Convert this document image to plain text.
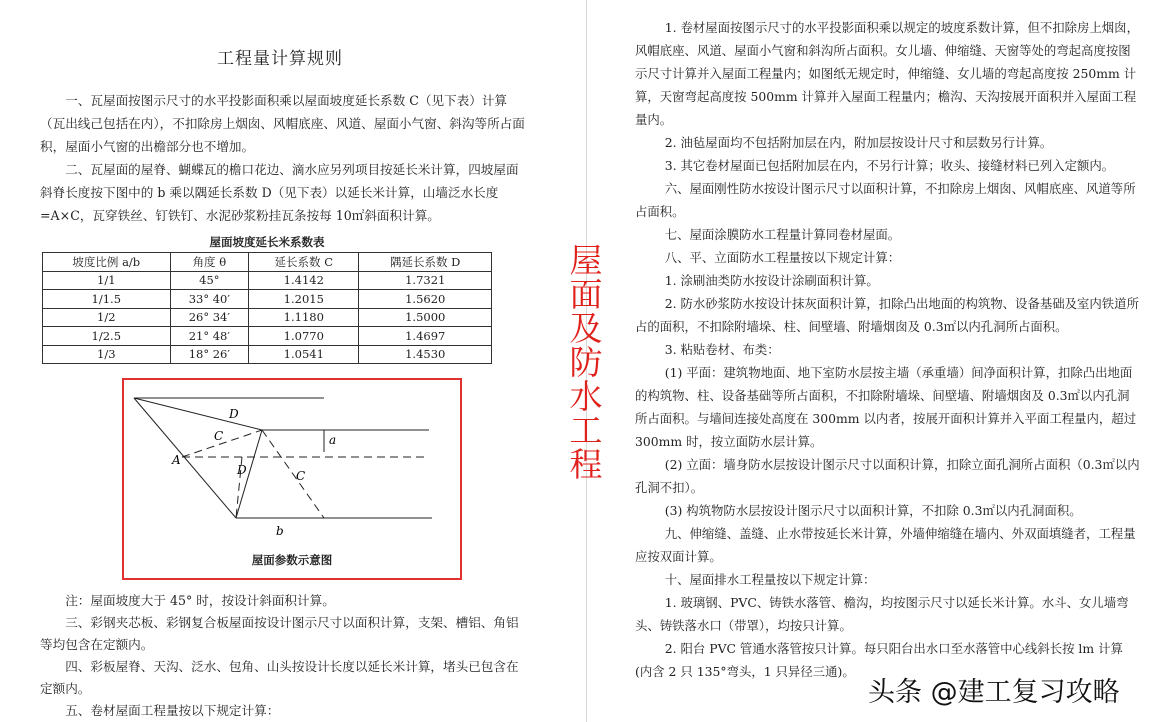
工程量计算规则
一、瓦屋面按图示尺寸的水平投影面积乘以屋面坡度延长系数 C（见下表）计算（瓦出线己包括在内），不扣除房上烟囱、风帽底座、风道、屋面小气窗、斜沟等所占面积，屋面小气窗的出檐部分也不增加。
二、瓦屋面的屋脊、蝴蝶瓦的檐口花边、滴水应另列项目按延长米计算，四坡屋面斜脊长度按下图中的 b 乘以隅延长系数 D（见下表）以延长米计算，山墙泛水长度=A×C，瓦穿铁丝、钉铁钉、水泥砂浆粉挂瓦条按每 10㎡斜面积计算。
屋面坡度延长米系数表
坡度比例 a/b	角度 θ	延长系数 C	隅延长系数 D
1/1	45°	1.4142	1.7321
1/1.5	33° 40′	1.2015	1.5620
1/2	26° 34′	1.1180	1.5000
1/2.5	21° 48′	1.0770	1.4697
1/3	18° 26′	1.0541	1.4530
D
C
A
D	C
a
b
屋面参数示意图
注：屋面坡度大于 45° 时，按设计斜面积计算。
三、彩钢夹芯板、彩钢复合板屋面按设计图示尺寸以面积计算，支架、槽铝、角铝等均包含在定额内。
四、彩板屋脊、天沟、泛水、包角、山头按设计长度以延长米计算，堵头已包含在定额内。
五、卷材屋面工程量按以下规定计算：
屋面及防水工程

1. 卷材屋面按图示尺寸的水平投影面积乘以规定的坡度系数计算，但不扣除房上烟囱，风帽底座、风道、屋面小气窗和斜沟所占面积。女儿墙、伸缩缝、天窗等处的弯起高度按图示尺寸计算并入屋面工程量内；如图纸无规定时，伸缩缝、女儿墙的弯起高度按 250mm 计算，天窗弯起高度按 500mm 计算并入屋面工程量内；檐沟、天沟按展开面积并入屋面工程量内。

2. 油毡屋面均不包括附加层在内，附加层按设计尺寸和层数另行计算。

3. 其它卷材屋面已包括附加层在内，不另行计算；收头、接缝材料已列入定额内。

六、屋面刚性防水按设计图示尺寸以面积计算，不扣除房上烟囱、风帽底座、风道等所占面积。

七、屋面涂膜防水工程量计算同卷材屋面。

八、平、立面防水工程量按以下规定计算：

1. 涂刷油类防水按设计涂刷面积计算。

2. 防水砂浆防水按设计抹灰面积计算，扣除凸出地面的构筑物、设备基础及室内铁道所占的面积，不扣除附墙垛、柱、间壁墙、附墙烟囱及 0.3㎡以内孔洞所占面积。

3. 粘贴卷材、布类：

(1) 平面：建筑物地面、地下室防水层按主墙（承重墙）间净面积计算，扣除凸出地面的构筑物、柱、设备基础等所占面积，不扣除附墙垛、间壁墙、附墙烟囱及 0.3㎡以内孔洞所占面积。与墙间连接处高度在 300mm 以内者，按展开面积计算并入平面工程量内，超过 300mm 时，按立面防水层计算。

(2) 立面：墙身防水层按设计图示尺寸以面积计算，扣除立面孔洞所占面积（0.3㎡以内孔洞不扣）。

(3) 构筑物防水层按设计图示尺寸以面积计算，不扣除 0.3㎡以内孔洞面积。

九、伸缩缝、盖缝、止水带按延长米计算，外墙伸缩缝在墙内、外双面填缝者，工程量应按双面计算。

十、屋面排水工程量按以下规定计算：

1. 玻璃钢、PVC、铸铁水落管、檐沟，均按图示尺寸以延长米计算。水斗、女儿墙弯头、铸铁落水口（带罩），均按只计算。

2. 阳台 PVC 管通水落管按只计算。每只阳台出水口至水落管中心线斜长按 lm 计算(内含 2 只 135°弯头，1 只异径三通)。

头条 @建工复习攻略
